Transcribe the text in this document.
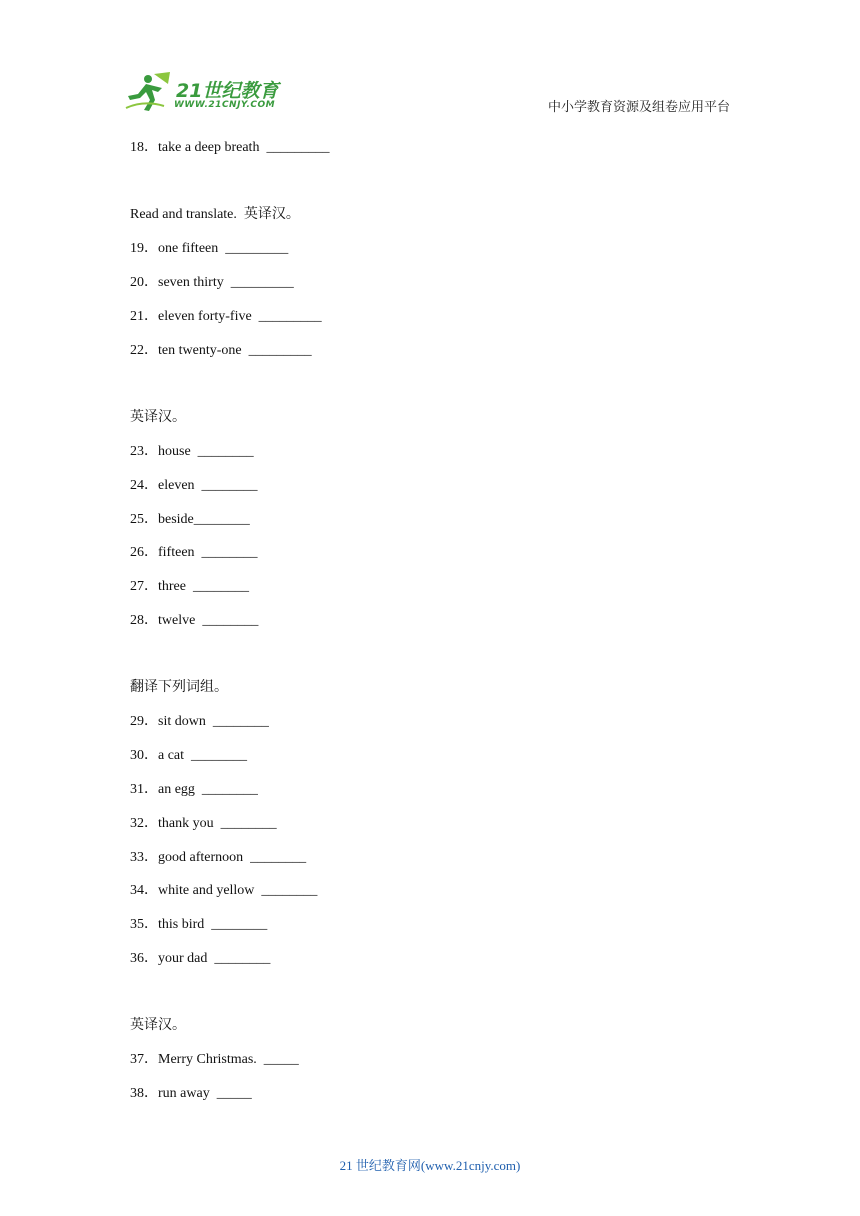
21世纪教育
WWW.21CNJY.COM	中小学教育资源及组卷应用平台
18．take a deep breath  _________
Read and translate.  英译汉。
19．one fifteen  _________
20．seven thirty  _________
21．eleven forty-five  _________
22．ten twenty-one  _________
英译汉。
23．house  ________
24．eleven  ________
25．beside________
26．fifteen  ________
27．three  ________
28．twelve  ________
翻译下列词组。
29．sit down  ________
30．a cat  ________
31．an egg  ________
32．thank you  ________
33．good afternoon  ________
34．white and yellow  ________
35．this bird  ________
36．your dad  ________
英译汉。
37．Merry Christmas.  _____
38．run away  _____
21 世纪教育网(www.21cnjy.com)
